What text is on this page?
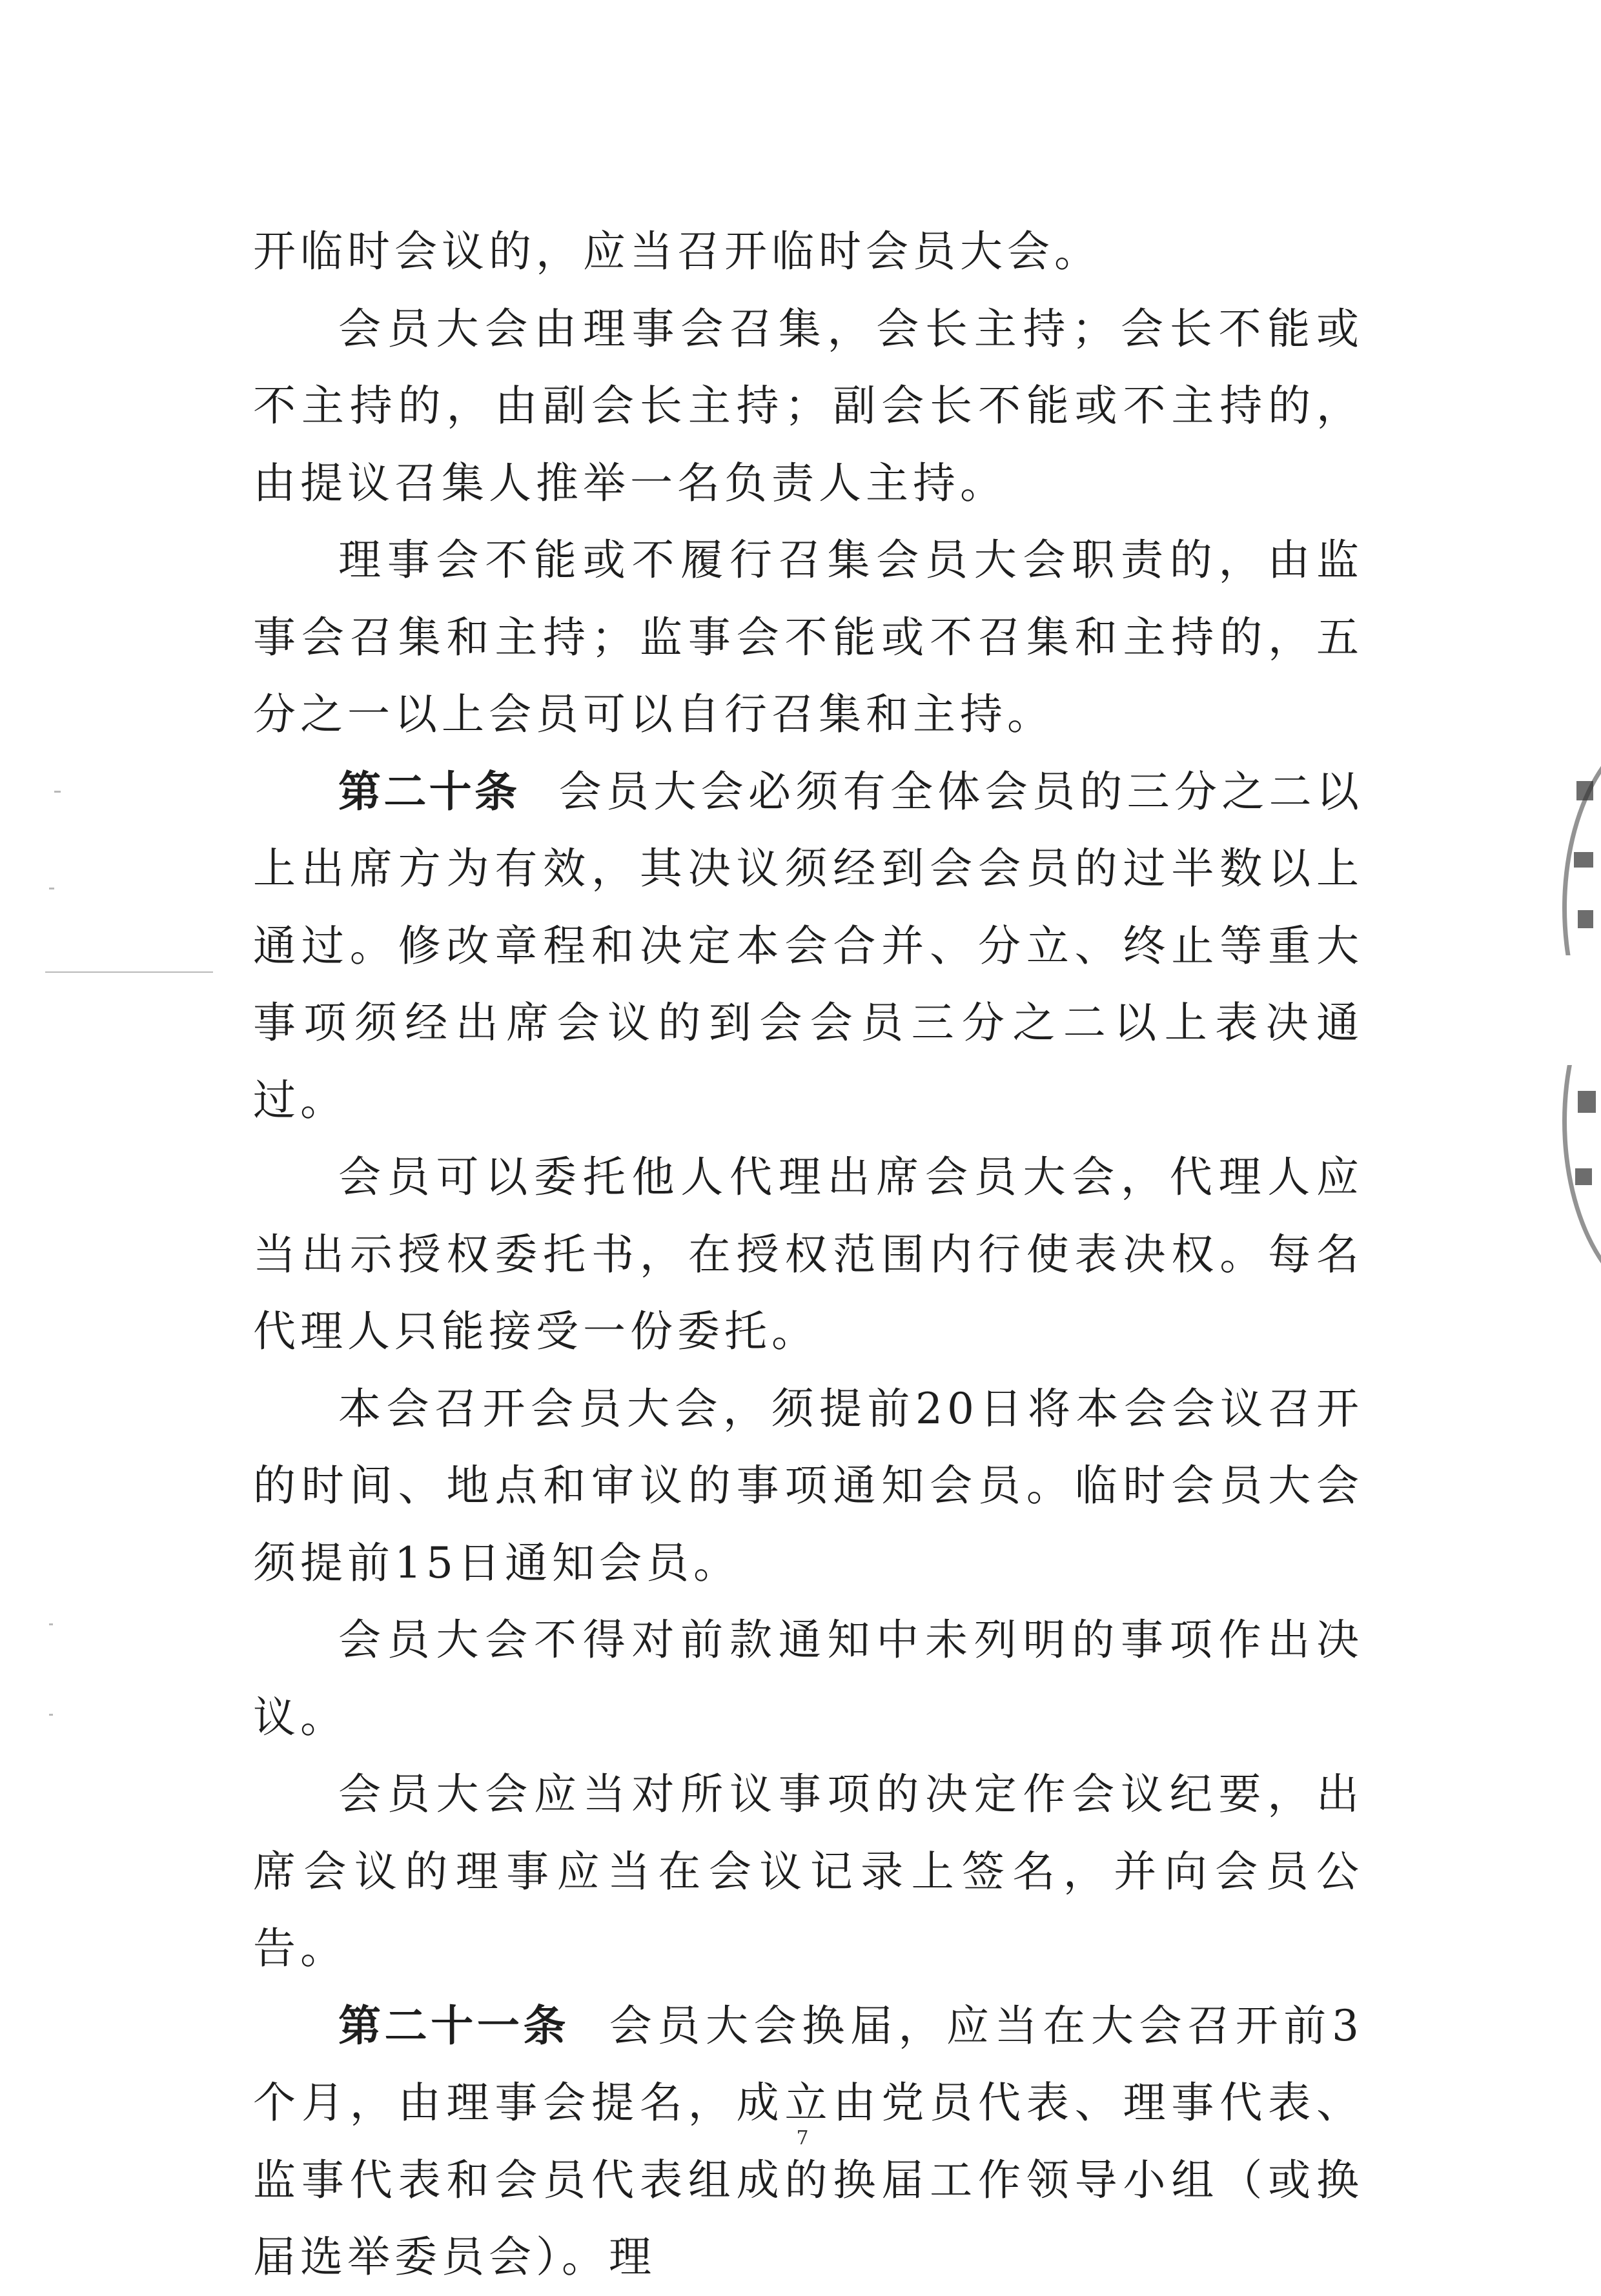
开临时会议的，应当召开临时会员大会。

会员大会由理事会召集，会长主持；会长不能或不主持的，由副会长主持；副会长不能或不主持的，由提议召集人推举一名负责人主持。

理事会不能或不履行召集会员大会职责的，由监事会召集和主持；监事会不能或不召集和主持的，五分之一以上会员可以自行召集和主持。

第二十条 会员大会必须有全体会员的三分之二以上出席方为有效，其决议须经到会会员的过半数以上通过。修改章程和决定本会合并、分立、终止等重大事项须经出席会议的到会会员三分之二以上表决通过。

会员可以委托他人代理出席会员大会，代理人应当出示授权委托书，在授权范围内行使表决权。每名代理人只能接受一份委托。

本会召开会员大会，须提前20日将本会会议召开的时间、地点和审议的事项通知会员。临时会员大会须提前15日通知会员。

会员大会不得对前款通知中未列明的事项作出决议。

会员大会应当对所议事项的决定作会议纪要，出席会议的理事应当在会议记录上签名，并向会员公告。

第二十一条 会员大会换届，应当在大会召开前3个月，由理事会提名，成立由党员代表、理事代表、监事代表和会员代表组成的换届工作领导小组（或换届选举委员会）。理

7
